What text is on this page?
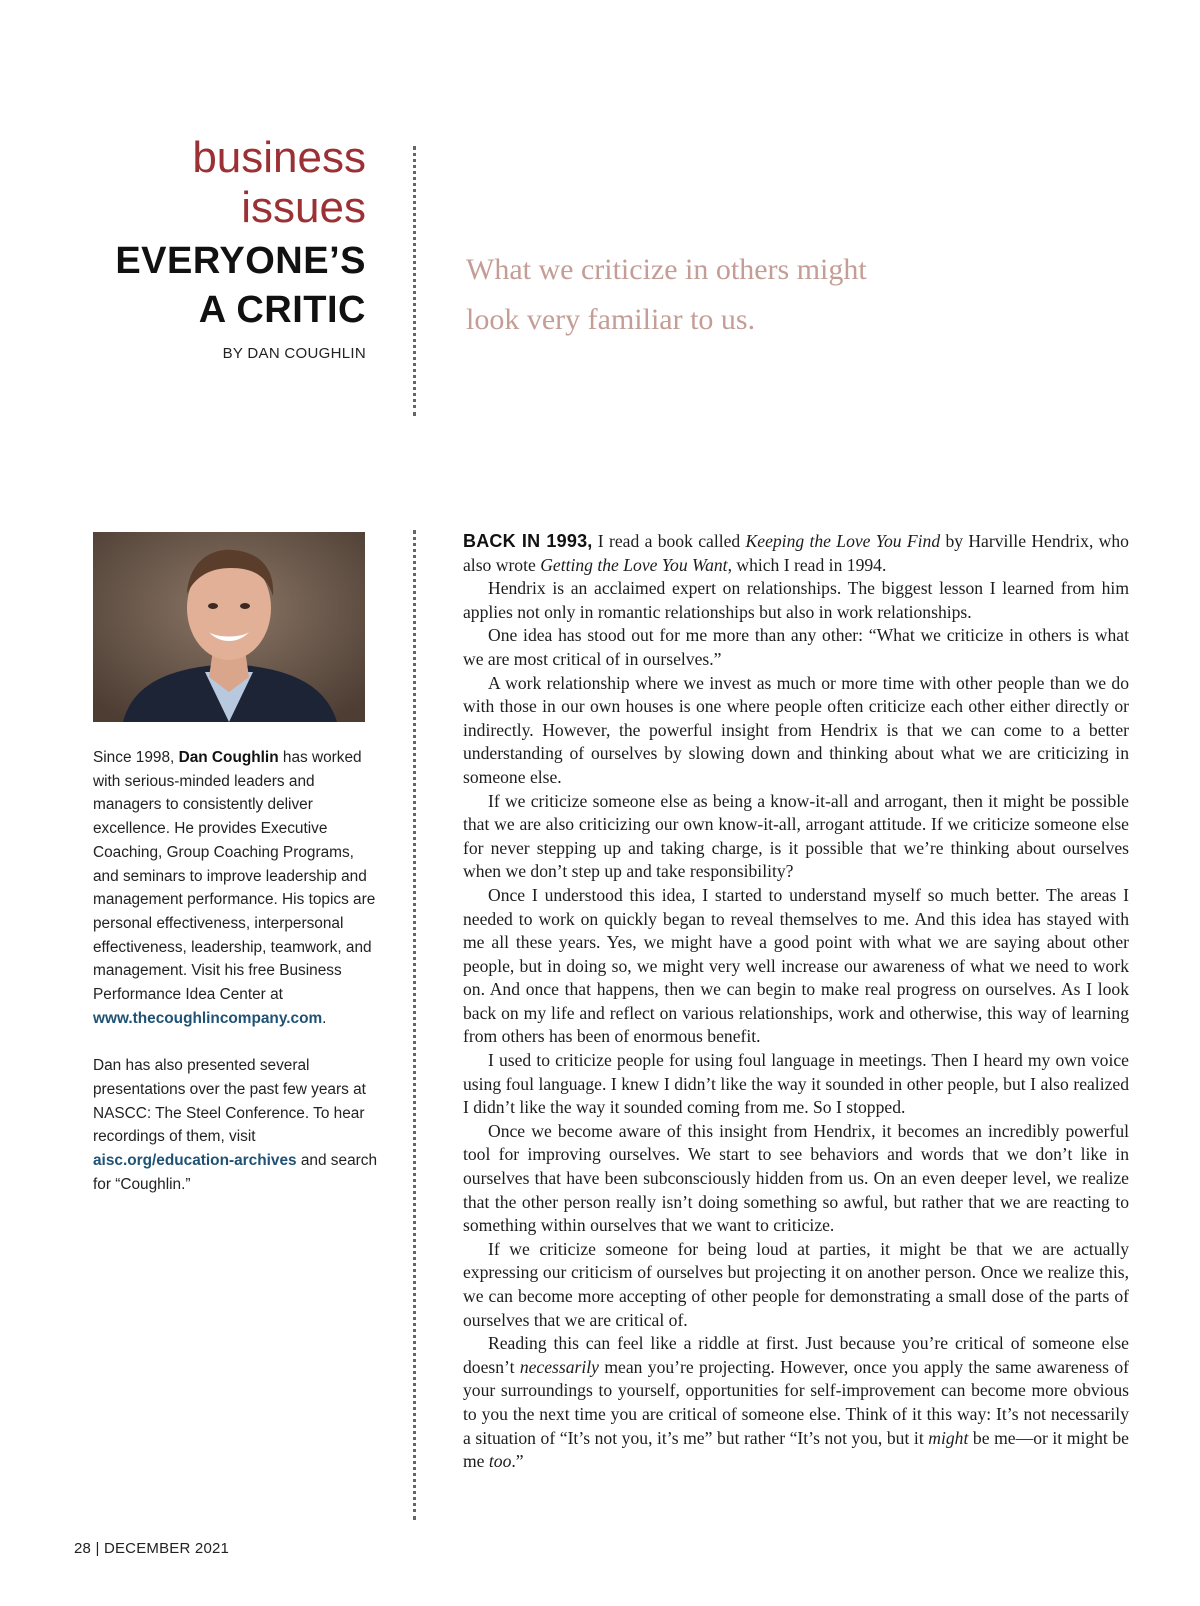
business
issues
EVERYONE’S
A CRITIC
BY DAN COUGHLIN
What we criticize in others might
look very familiar to us.

Since 1998, Dan Coughlin has worked with serious-minded leaders and managers to consistently deliver excellence. He provides Executive Coaching, Group Coaching Programs, and seminars to improve leadership and management performance. His topics are personal effectiveness, interpersonal effectiveness, leadership, teamwork, and management. Visit his free Business Performance Idea Center at www.thecoughlincompany.com.

Dan has also presented several presentations over the past few years at NASCC: The Steel Conference. To hear recordings of them, visit aisc.org/education-archives and search for “Coughlin.”

BACK IN 1993, I read a book called Keeping the Love You Find by Harville Hendrix, who also wrote Getting the Love You Want, which I read in 1994.

Hendrix is an acclaimed expert on relationships. The biggest lesson I learned from him applies not only in romantic relationships but also in work relationships.

One idea has stood out for me more than any other: “What we criticize in others is what we are most critical of in ourselves.”

A work relationship where we invest as much or more time with other people than we do with those in our own houses is one where people often criticize each other either directly or indirectly. However, the powerful insight from Hendrix is that we can come to a better understanding of ourselves by slowing down and thinking about what we are criticizing in someone else.

If we criticize someone else as being a know-it-all and arrogant, then it might be possible that we are also criticizing our own know-it-all, arrogant attitude. If we criticize someone else for never stepping up and taking charge, is it possible that we’re thinking about ourselves when we don’t step up and take responsibility?

Once I understood this idea, I started to understand myself so much better. The areas I needed to work on quickly began to reveal themselves to me. And this idea has stayed with me all these years. Yes, we might have a good point with what we are saying about other people, but in doing so, we might very well increase our awareness of what we need to work on. And once that happens, then we can begin to make real progress on ourselves. As I look back on my life and reflect on various relationships, work and otherwise, this way of learning from others has been of enormous benefit.

I used to criticize people for using foul language in meetings. Then I heard my own voice using foul language. I knew I didn’t like the way it sounded in other people, but I also realized I didn’t like the way it sounded coming from me. So I stopped.

Once we become aware of this insight from Hendrix, it becomes an incredibly powerful tool for improving ourselves. We start to see behaviors and words that we don’t like in ourselves that have been subconsciously hidden from us. On an even deeper level, we realize that the other person really isn’t doing something so awful, but rather that we are reacting to something within ourselves that we want to criticize.

If we criticize someone for being loud at parties, it might be that we are actually expressing our criticism of ourselves but projecting it on another person. Once we realize this, we can become more accepting of other people for demonstrating a small dose of the parts of ourselves that we are critical of.

Reading this can feel like a riddle at first. Just because you’re critical of someone else doesn’t necessarily mean you’re projecting. However, once you apply the same awareness of your surroundings to yourself, opportunities for self-improvement can become more obvious to you the next time you are critical of someone else. Think of it this way: It’s not necessarily a situation of “It’s not you, it’s me” but rather “It’s not you, but it might be me—or it might be me too.”

28 | DECEMBER 2021
